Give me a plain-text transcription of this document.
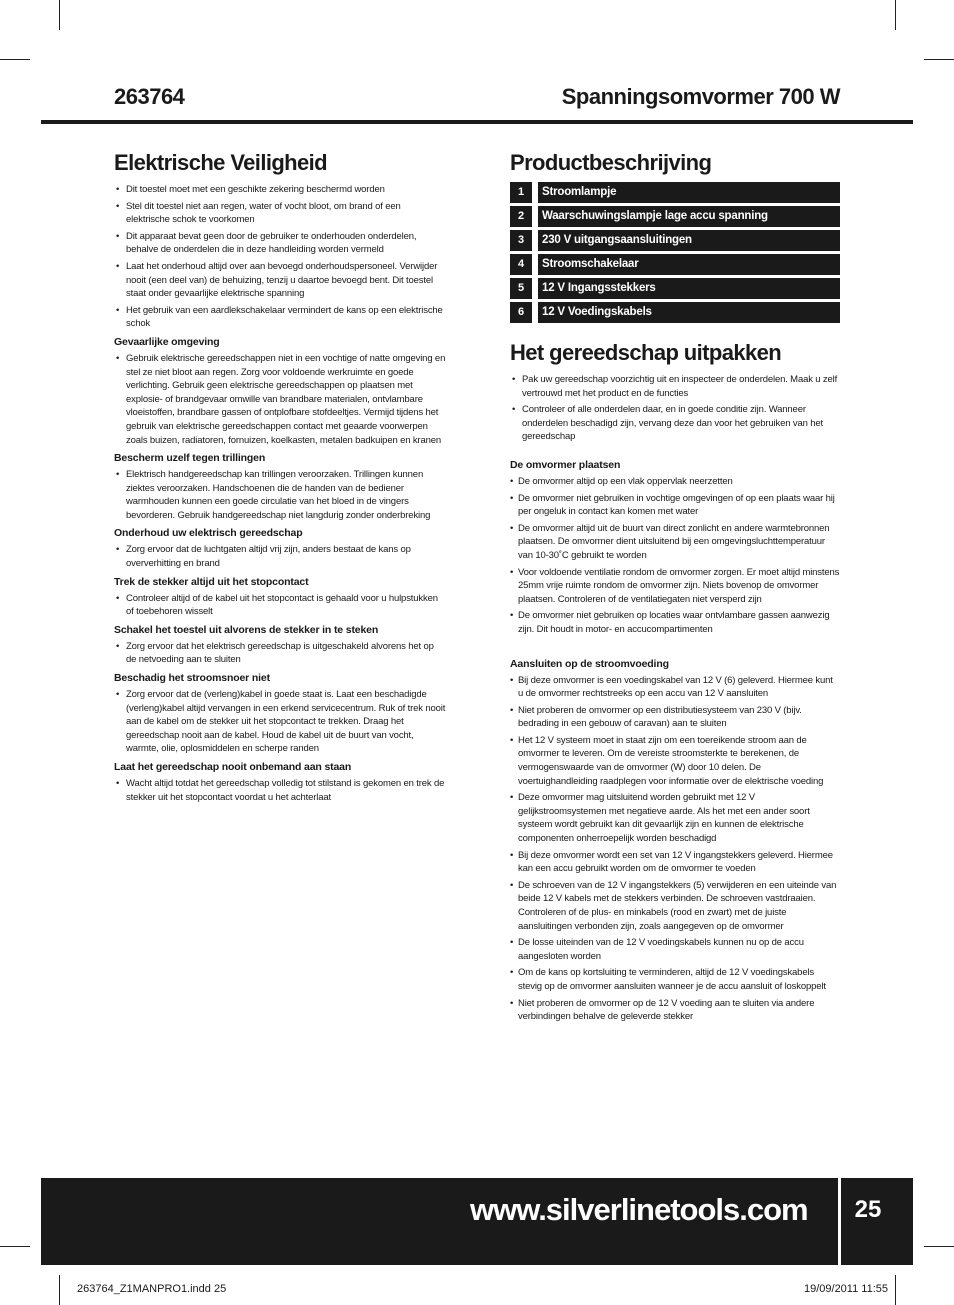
263764	Spanningsomvormer 700 W
Elektrische Veiligheid
• Dit toestel moet met een geschikte zekering beschermd worden
• Stel dit toestel niet aan regen, water of vocht bloot, om brand of een elektrische schok te voorkomen
• Dit apparaat bevat geen door de gebruiker te onderhouden onderdelen, behalve de onderdelen die in deze handleiding worden vermeld
• Laat het onderhoud altijd over aan bevoegd onderhoudspersoneel. Verwijder nooit (een deel van) de behuizing, tenzij u daartoe bevoegd bent. Dit toestel staat onder gevaarlijke elektrische spanning
• Het gebruik van een aardlekschakelaar vermindert de kans op een elektrische schok
Gevaarlijke omgeving
• Gebruik elektrische gereedschappen niet in een vochtige of natte omgeving en stel ze niet bloot aan regen. Zorg voor voldoende werkruimte en goede verlichting. Gebruik geen elektrische gereedschappen op plaatsen met explosie- of brandgevaar omwille van brandbare materialen, ontvlambare vloeistoffen, brandbare gassen of ontplofbare stofdeeltjes. Vermijd tijdens het gebruik van elektrische gereedschappen contact met geaarde voorwerpen zoals buizen, radiatoren, fornuizen, koelkasten, metalen badkuipen en kranen
Bescherm uzelf tegen trillingen
• Elektrisch handgereedschap kan trillingen veroorzaken. Trillingen kunnen ziektes veroorzaken. Handschoenen die de handen van de bediener warmhouden kunnen een goede circulatie van het bloed in de vingers bevorderen. Gebruik handgereedschap niet langdurig zonder onderbreking
Onderhoud uw elektrisch gereedschap
• Zorg ervoor dat de luchtgaten altijd vrij zijn, anders bestaat de kans op oververhitting en brand
Trek de stekker altijd uit het stopcontact
• Controleer altijd of de kabel uit het stopcontact is gehaald voor u hulpstukken of toebehoren wisselt
Schakel het toestel uit alvorens de stekker in te steken
• Zorg ervoor dat het elektrisch gereedschap is uitgeschakeld alvorens het op de netvoeding aan te sluiten
Beschadig het stroomsnoer niet
• Zorg ervoor dat de (verleng)kabel in goede staat is. Laat een beschadigde (verleng)kabel altijd vervangen in een erkend servicecentrum. Ruk of trek nooit aan de kabel om de stekker uit het stopcontact te trekken. Draag het gereedschap nooit aan de kabel. Houd de kabel uit de buurt van vocht, warmte, olie, oplosmiddelen en scherpe randen
Laat het gereedschap nooit onbemand aan staan
• Wacht altijd totdat het gereedschap volledig tot stilstand is gekomen en trek de stekker uit het stopcontact voordat u het achterlaat
Productbeschrijving
1	Stroomlampje
2	Waarschuwingslampje lage accu spanning
3	230 V uitgangsaansluitingen
4	Stroomschakelaar
5	12 V Ingangsstekkers
6	12 V Voedingskabels
Het gereedschap uitpakken
• Pak uw gereedschap voorzichtig uit en inspecteer de onderdelen. Maak u zelf vertrouwd met het product en de functies
• Controleer of alle onderdelen daar, en in goede conditie zijn. Wanneer onderdelen beschadigd zijn, vervang deze dan voor het gebruiken van het gereedschap
De omvormer plaatsen
• De omvormer altijd op een vlak oppervlak neerzetten
• De omvormer niet gebruiken in vochtige omgevingen of op een plaats waar hij per ongeluk in contact kan komen met water
• De omvormer altijd uit de buurt van direct zonlicht en andere warmtebronnen plaatsen. De omvormer dient uitsluitend bij een omgevingsluchttemperatuur van 10-30˚C gebruikt te worden
• Voor voldoende ventilatie rondom de omvormer zorgen. Er moet altijd minstens 25mm vrije ruimte rondom de omvormer zijn. Niets bovenop de omvormer plaatsen. Controleren of de ventilatiegaten niet versperd zijn
• De omvormer niet gebruiken op locaties waar ontvlambare gassen aanwezig zijn. Dit houdt in motor- en accucompartimenten
Aansluiten op de stroomvoeding
• Bij deze omvormer is een voedingskabel van 12 V (6) geleverd. Hiermee kunt u de omvormer rechtstreeks op een accu van 12 V aansluiten
• Niet proberen de omvormer op een distributiesysteem van 230 V (bijv. bedrading in een gebouw of caravan) aan te sluiten
• Het 12 V systeem moet in staat zijn om een toereikende stroom aan de omvormer te leveren. Om de vereiste stroomsterkte te berekenen, de vermogenswaarde van de omvormer (W) door 10 delen. De voertuighandleiding raadplegen voor informatie over de elektrische voeding
• Deze omvormer mag uitsluitend worden gebruikt met 12 V gelijkstroomsystemen met negatieve aarde. Als het met een ander soort systeem wordt gebruikt kan dit gevaarlijk zijn en kunnen de elektrische componenten onherroepelijk worden beschadigd
• Bij deze omvormer wordt een set van 12 V ingangstekkers geleverd. Hiermee kan een accu gebruikt worden om de omvormer te voeden
• De schroeven van de 12 V ingangstekkers (5) verwijderen en een uiteinde van beide 12 V kabels met de stekkers verbinden. De schroeven vastdraaien. Controleren of de plus- en minkabels (rood en zwart) met de juiste aansluitingen verbonden zijn, zoals aangegeven op de omvormer
• De losse uiteinden van de 12 V voedingskabels kunnen nu op de accu aangesloten worden
• Om de kans op kortsluiting te verminderen, altijd de 12 V voedingskabels stevig op de omvormer aansluiten wanneer je de accu aansluit of loskoppelt
• Niet proberen de omvormer op de 12 V voeding aan te sluiten via andere verbindingen behalve de geleverde stekker
www.silverlinetools.com	25
263764_Z1MANPRO1.indd 25	19/09/2011 11:55
